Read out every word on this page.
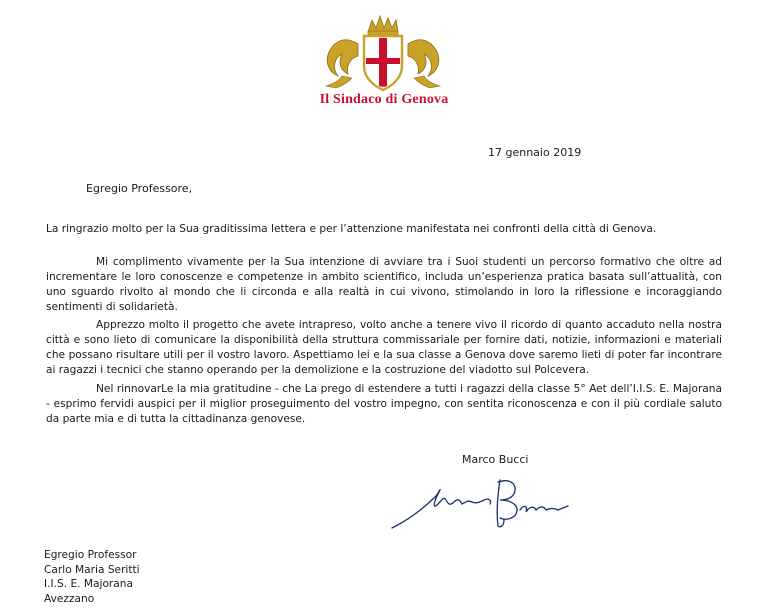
Il Sindaco di Genova
17 gennaio 2019
Egregio Professore,

La ringrazio molto per la Sua graditissima lettera e per l’attenzione manifestata nei confronti della città di Genova.

Mi complimento vivamente per la Sua intenzione di avviare tra i Suoi studenti un percorso formativo che oltre ad incrementare le loro conoscenze e competenze in ambito scientifico, includa un’esperienza pratica basata sull’attualità, con uno sguardo rivolto al mondo che li circonda e alla realtà in cui vivono, stimolando in loro la riflessione e incoraggiando sentimenti di solidarietà.

Apprezzo molto il progetto che avete intrapreso, volto anche a tenere vivo il ricordo di quanto accaduto nella nostra città e sono lieto di comunicare la disponibilità della struttura commissariale per fornire dati, notizie, informazioni e materiali che possano risultare utili per il vostro lavoro. Aspettiamo lei e la sua classe a Genova dove saremo lieti di poter far incontrare ai ragazzi i tecnici che stanno operando per la demolizione e la costruzione del viadotto sul Polcevera.

Nel rinnovarLe la mia gratitudine - che La prego di estendere a tutti i ragazzi della classe 5° Aet dell’I.I.S. E. Majorana - esprimo fervidi auspici per il miglior proseguimento del vostro impegno, con sentita riconoscenza e con il più cordiale saluto da parte mia e di tutta la cittadinanza genovese.

Marco Bucci
Egregio Professor
Carlo Maria Seritti
I.I.S. E. Majorana
Avezzano
